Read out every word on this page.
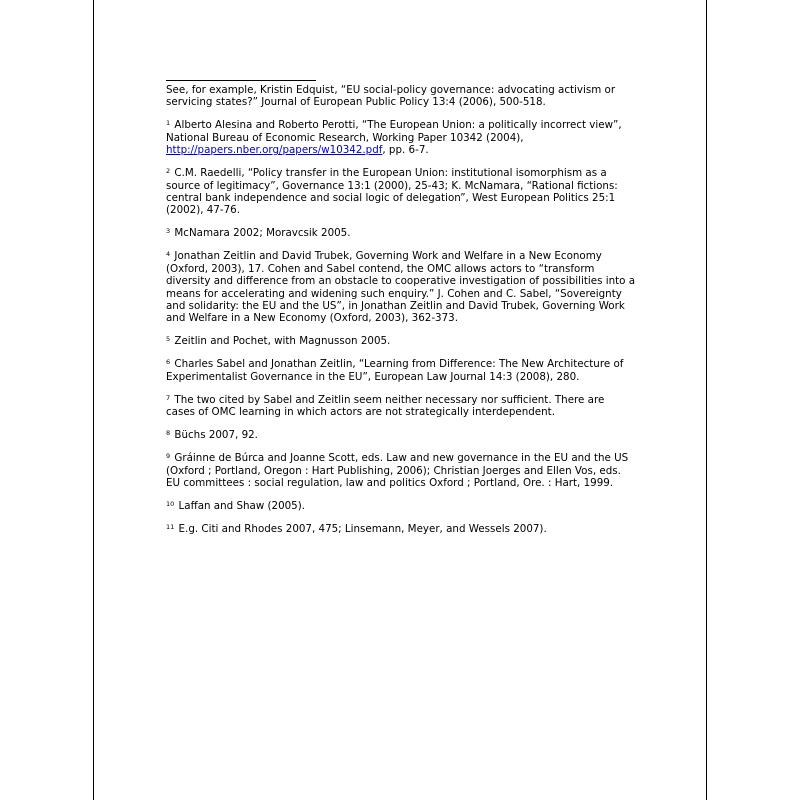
See, for example, Kristin Edquist, “EU social-policy governance: advocating activism or servicing states?” Journal of European Public Policy 13:4 (2006), 500-518.

$^1$ Alberto Alesina and Roberto Perotti, “The European Union: a politically incorrect view”, National Bureau of Economic Research, Working Paper 10342 (2004), http://papers.nber.org/papers/w10342.pdf, pp. 6-7.

$^2$ C.M. Raedelli, “Policy transfer in the European Union: institutional isomorphism as a source of legitimacy”, Governance 13:1 (2000), 25-43; K. McNamara, “Rational fictions: central bank independence and social logic of delegation”, West European Politics 25:1 (2002), 47-76.

$^3$ McNamara 2002; Moravcsik 2005.

$^4$ Jonathan Zeitlin and David Trubek, Governing Work and Welfare in a New Economy (Oxford, 2003), 17. Cohen and Sabel contend, the OMC allows actors to “transform diversity and difference from an obstacle to cooperative investigation of possibilities into a means for accelerating and widening such enquiry.” J. Cohen and C. Sabel, “Sovereignty and solidarity: the EU and the US”, in Jonathan Zeitlin and David Trubek, Governing Work and Welfare in a New Economy (Oxford, 2003), 362-373.

$^5$ Zeitlin and Pochet, with Magnusson 2005.

$^6$ Charles Sabel and Jonathan Zeitlin, “Learning from Difference: The New Architecture of Experimentalist Governance in the EU”, European Law Journal 14:3 (2008), 280.

$^7$ The two cited by Sabel and Zeitlin seem neither necessary nor sufficient. There are cases of OMC learning in which actors are not strategically interdependent.

$^8$ Büchs 2007, 92.

$^9$ Gráinne de Búrca and Joanne Scott, eds. Law and new governance in the EU and the US (Oxford ; Portland, Oregon : Hart Publishing, 2006); Christian Joerges and Ellen Vos, eds. EU committees : social regulation, law and politics Oxford ; Portland, Ore. : Hart, 1999.

$^{10}$ Laffan and Shaw (2005).

$^{11}$ E.g. Citi and Rhodes 2007, 475; Linsemann, Meyer, and Wessels 2007).
